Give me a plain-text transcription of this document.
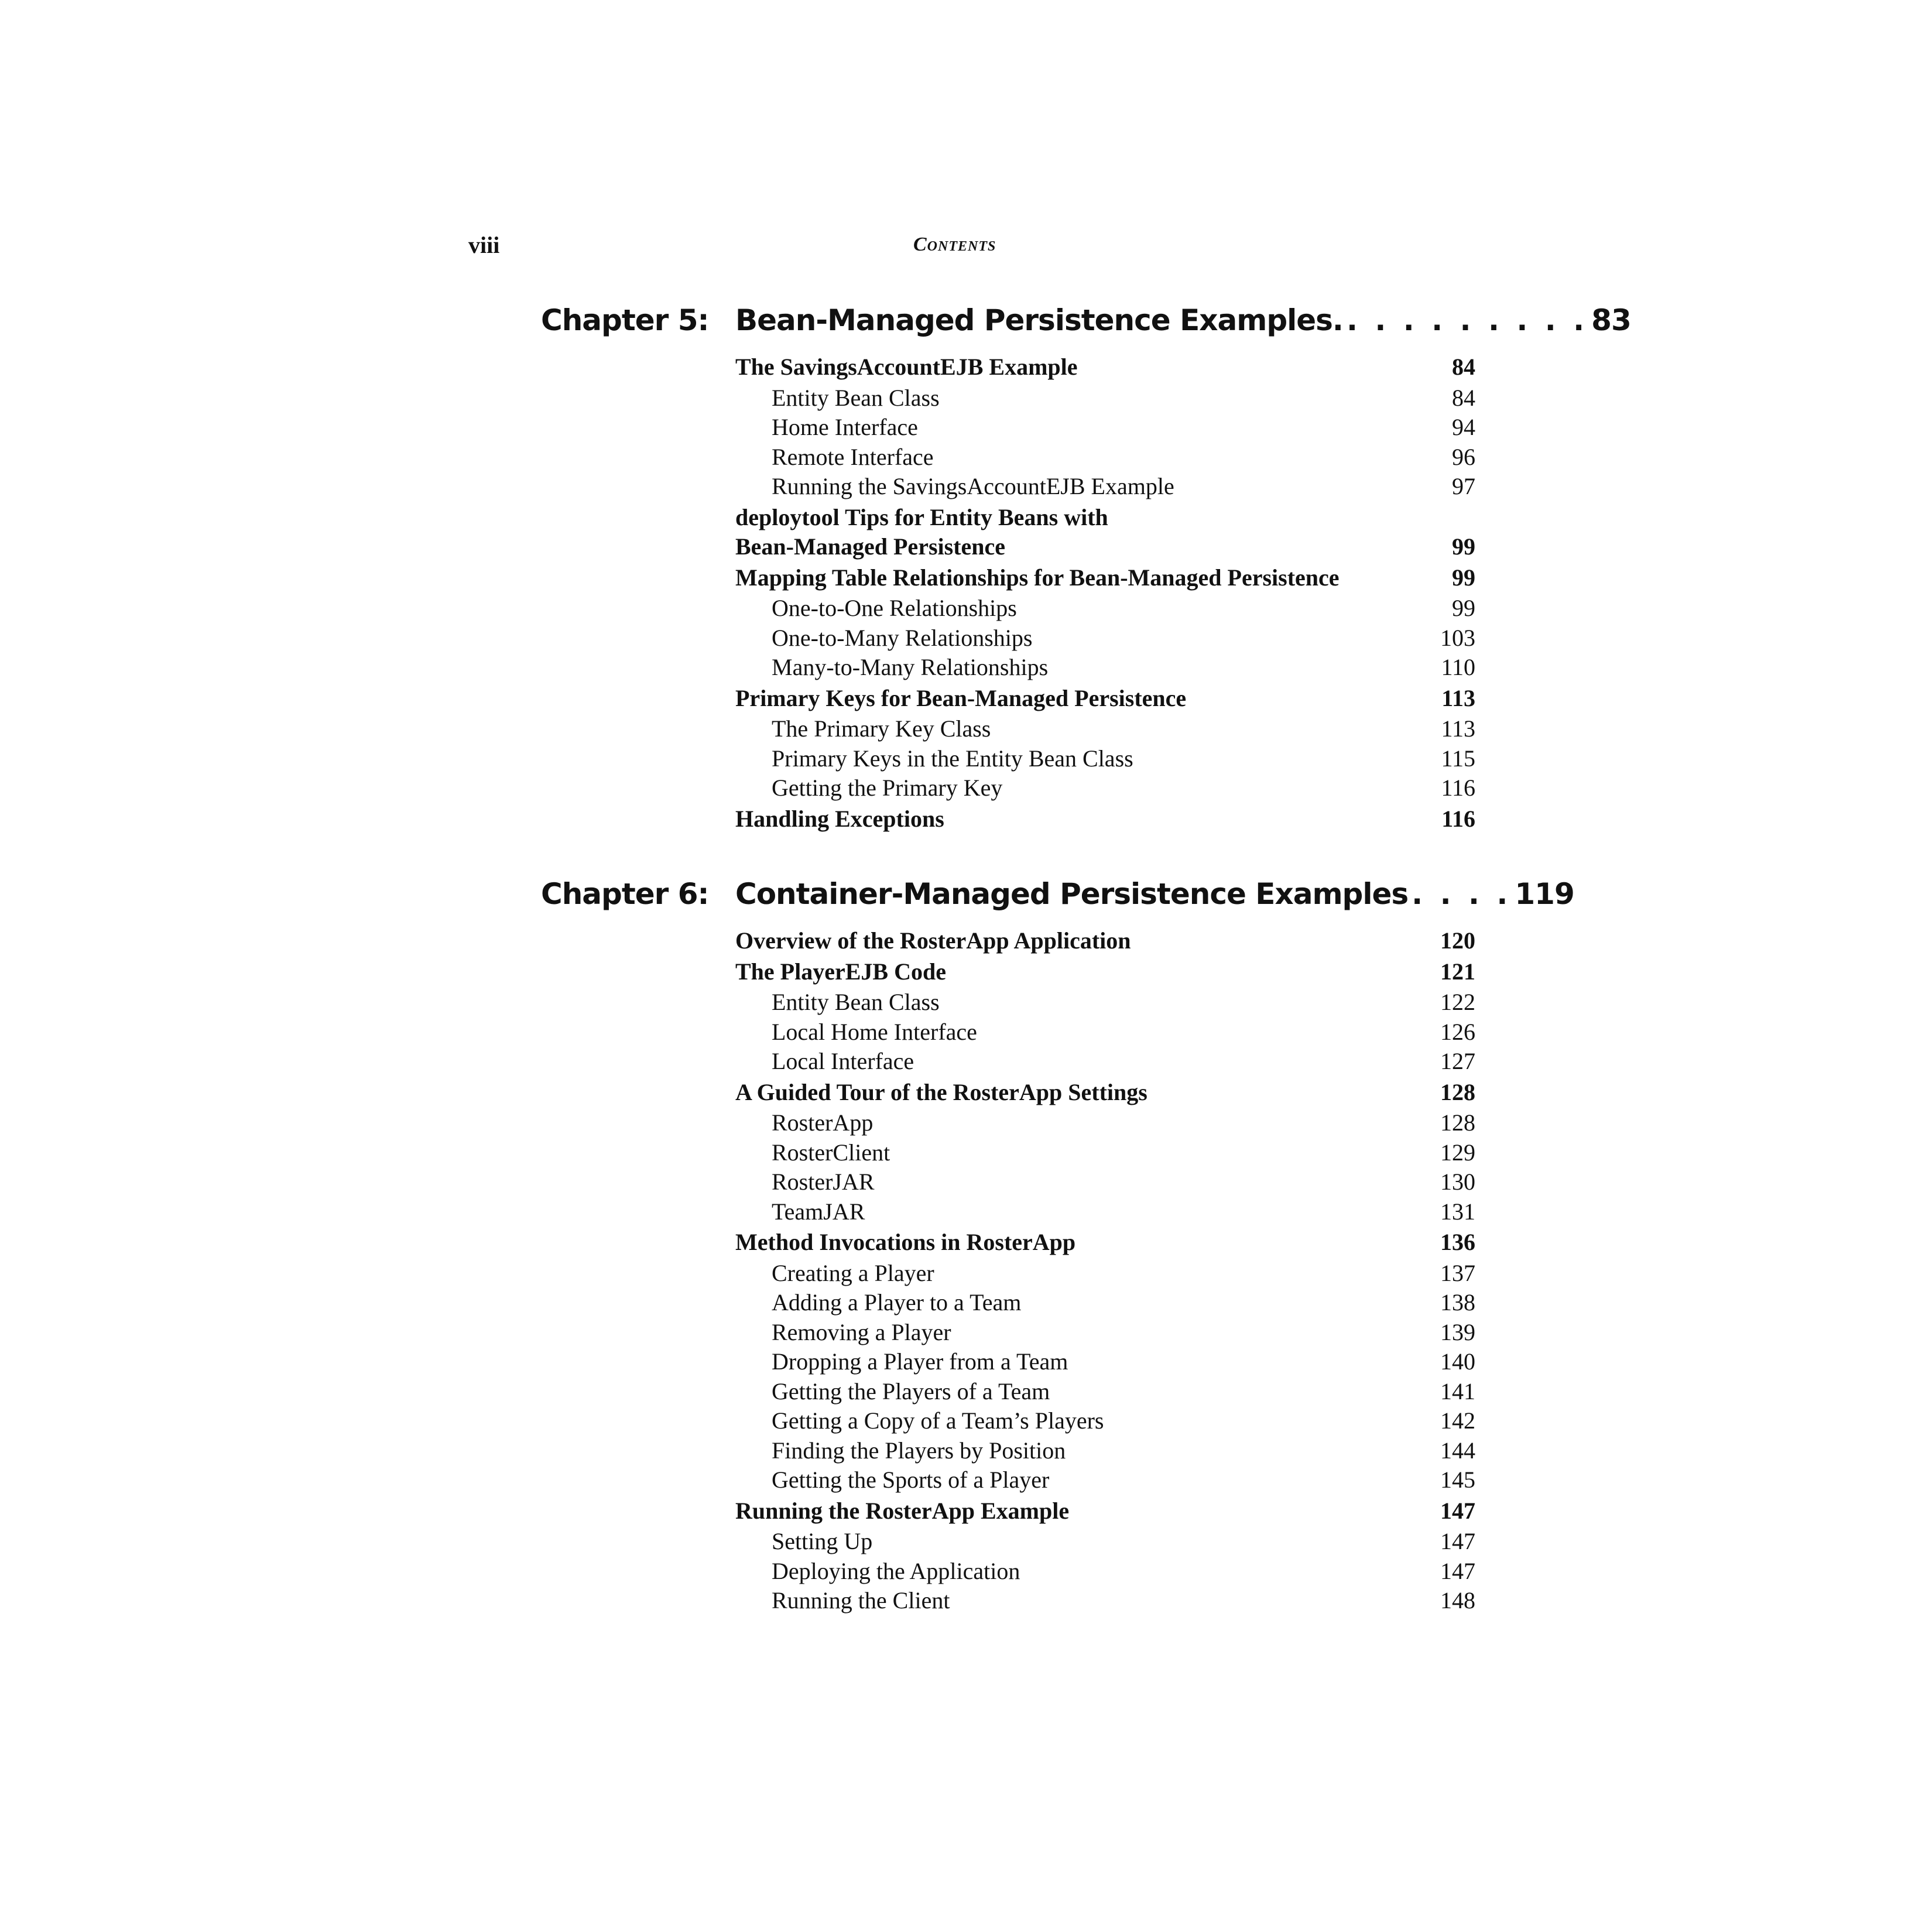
viii	Contents
Chapter 5: Bean-Managed Persistence Examples. . . . . . . . . . 83
The SavingsAccountEJB Example	84
Entity Bean Class	84
Home Interface	94
Remote Interface	96
Running the SavingsAccountEJB Example	97
deploytool Tips for Entity Beans with
Bean-Managed Persistence	99
Mapping Table Relationships for Bean-Managed Persistence	99
One-to-One Relationships	99
One-to-Many Relationships	103
Many-to-Many Relationships	110
Primary Keys for Bean-Managed Persistence	113
The Primary Key Class	113
Primary Keys in the Entity Bean Class	115
Getting the Primary Key	116
Handling Exceptions	116
Chapter 6: Container-Managed Persistence Examples . . . . 119
Overview of the RosterApp Application	120
The PlayerEJB Code	121
Entity Bean Class	122
Local Home Interface	126
Local Interface	127
A Guided Tour of the RosterApp Settings	128
RosterApp	128
RosterClient	129
RosterJAR	130
TeamJAR	131
Method Invocations in RosterApp	136
Creating a Player	137
Adding a Player to a Team	138
Removing a Player	139
Dropping a Player from a Team	140
Getting the Players of a Team	141
Getting a Copy of a Team’s Players	142
Finding the Players by Position	144
Getting the Sports of a Player	145
Running the RosterApp Example	147
Setting Up	147
Deploying the Application	147
Running the Client	148
